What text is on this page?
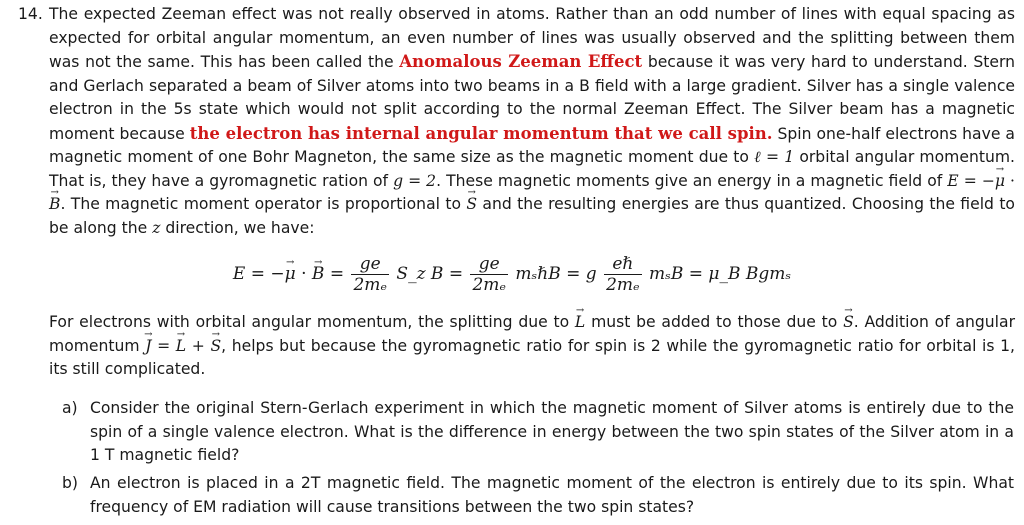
14. The expected Zeeman effect was not really observed in atoms. Rather than an odd number of lines with equal spacing as expected for orbital angular momentum, an even number of lines was usually observed and the splitting between them was not the same. This has been called the Anomalous Zeeman Effect because it was very hard to understand. Stern and Gerlach separated a beam of Silver atoms into two beams in a B field with a large gradient. Silver has a single valence electron in the 5s state which would not split according to the normal Zeeman Effect. The Silver beam has a magnetic moment because the electron has internal angular momentum that we call spin. Spin one-half electrons have a magnetic moment of one Bohr Magneton, the same size as the magnetic moment due to ℓ = 1 orbital angular momentum. That is, they have a gyromagnetic ration of g = 2. These magnetic moments give an energy in a magnetic field of E = −→ μ · → B. The magnetic moment operator is proportional to → S and the resulting energies are thus quantized. Choosing the field to be along the z direction, we have:
E = −→ μ · → $B = \frac{ge}{\text{2mₑ}}$ S_z $B = \frac{ge}{\text{2mₑ}}$ mₛℏB = g $\frac{\text{eℏ}}{\text{2mₑ}}$ mₛB = μ_B Bgmₛ
For electrons with orbital angular momentum, the splitting due to → L must be added to those due to → S. Addition of angular momentum → J = → L + → S, helps but because the gyromagnetic ratio for spin is 2 while the gyromagnetic ratio for orbital is 1, its still complicated.
a) Consider the original Stern-Gerlach experiment in which the magnetic moment of Silver atoms is entirely due to the spin of a single valence electron. What is the difference in energy between the two spin states of the Silver atom in a 1 T magnetic field?
b) An electron is placed in a 2T magnetic field. The magnetic moment of the electron is entirely due to its spin. What frequency of EM radiation will cause transitions between the two spin states?
